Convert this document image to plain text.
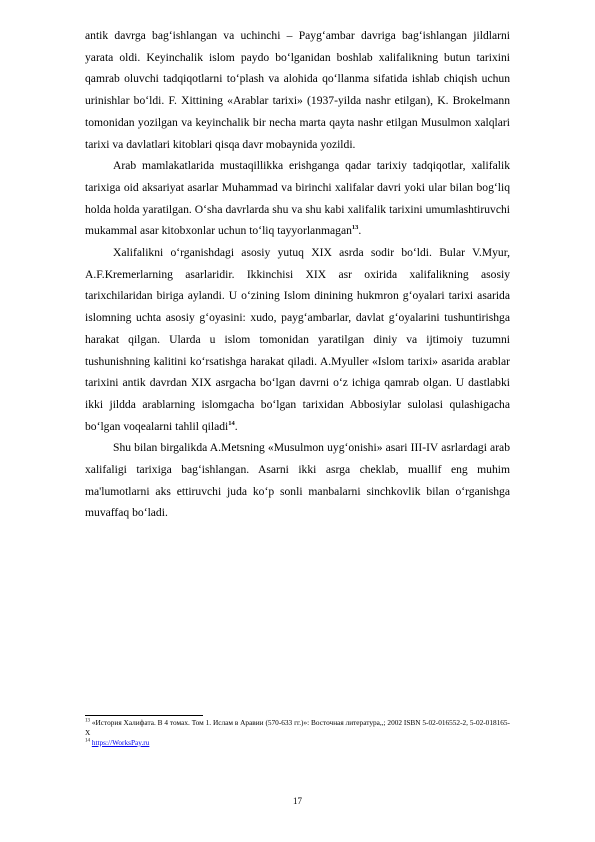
antik davrga bag‘ishlangan va uchinchi – Payg‘ambar davriga bag‘ishlangan jildlarni yarata oldi. Keyinchalik islom paydo bo‘lganidan boshlab xalifalikning butun tarixini qamrab oluvchi tadqiqotlarni to‘plash va alohida qo‘llanma sifatida ishlab chiqish uchun urinishlar bo‘ldi. F. Xittining «Arablar tarixi» (1937-yilda nashr etilgan), K. Brokelmann tomonidan yozilgan va keyinchalik bir necha marta qayta nashr etilgan Musulmon xalqlari tarixi va davlatlari kitoblari qisqa davr mobaynida yozildi.

Arab mamlakatlarida mustaqillikka erishganga qadar tarixiy tadqiqotlar, xalifalik tarixiga oid aksariyat asarlar Muhammad va birinchi xalifalar davri yoki ular bilan bog‘liq holda holda yaratilgan. O‘sha davrlarda shu va shu kabi xalifalik tarixini umumlashtiruvchi mukammal asar kitobxonlar uchun to‘liq tayyorlanmagan$^{13}$.

Xalifalikni o‘rganishdagi asosiy yutuq XIX asrda sodir bo‘ldi. Bular V.Myur, A.F.Kremerlarning asarlaridir. Ikkinchisi XIX asr oxirida xalifalikning asosiy tarixchilaridan biriga aylandi. U o‘zining Islom dinining hukmron g‘oyalari tarixi asarida islomning uchta asosiy g‘oyasini: xudo, payg‘ambarlar, davlat g‘oyalarini tushuntirishga harakat qilgan. Ularda u islom tomonidan yaratilgan diniy va ijtimoiy tuzumni tushunishning kalitini ko‘rsatishga harakat qiladi. A.Myuller «Islom tarixi» asarida arablar tarixini antik davrdan XIX asrgacha bo‘lgan davrni o‘z ichiga qamrab olgan. U dastlabki ikki jildda arablarning islomgacha bo‘lgan tarixidan Abbosiylar sulolasi qulashigacha bo‘lgan voqealarni tahlil qiladi$^{14}$.

Shu bilan birgalikda A.Metsning «Musulmon uyg‘onishi» asari III-IV asrlardagi arab xalifaligi tarixiga bag‘ishlangan. Asarni ikki asrga cheklab, muallif eng muhim ma'lumotlarni aks ettiruvchi juda ko‘p sonli manbalarni sinchkovlik bilan o‘rganishga muvaffaq bo‘ladi.

$^{13}$ «История Халифата. В 4 томах. Том 1. Ислам в Аравии (570-633 гг.)»: Восточная литература,,; 2002 ISBN 5-02-016552-2, 5-02-018165-X

$^{14}$ https://WorksPay.ru

17
